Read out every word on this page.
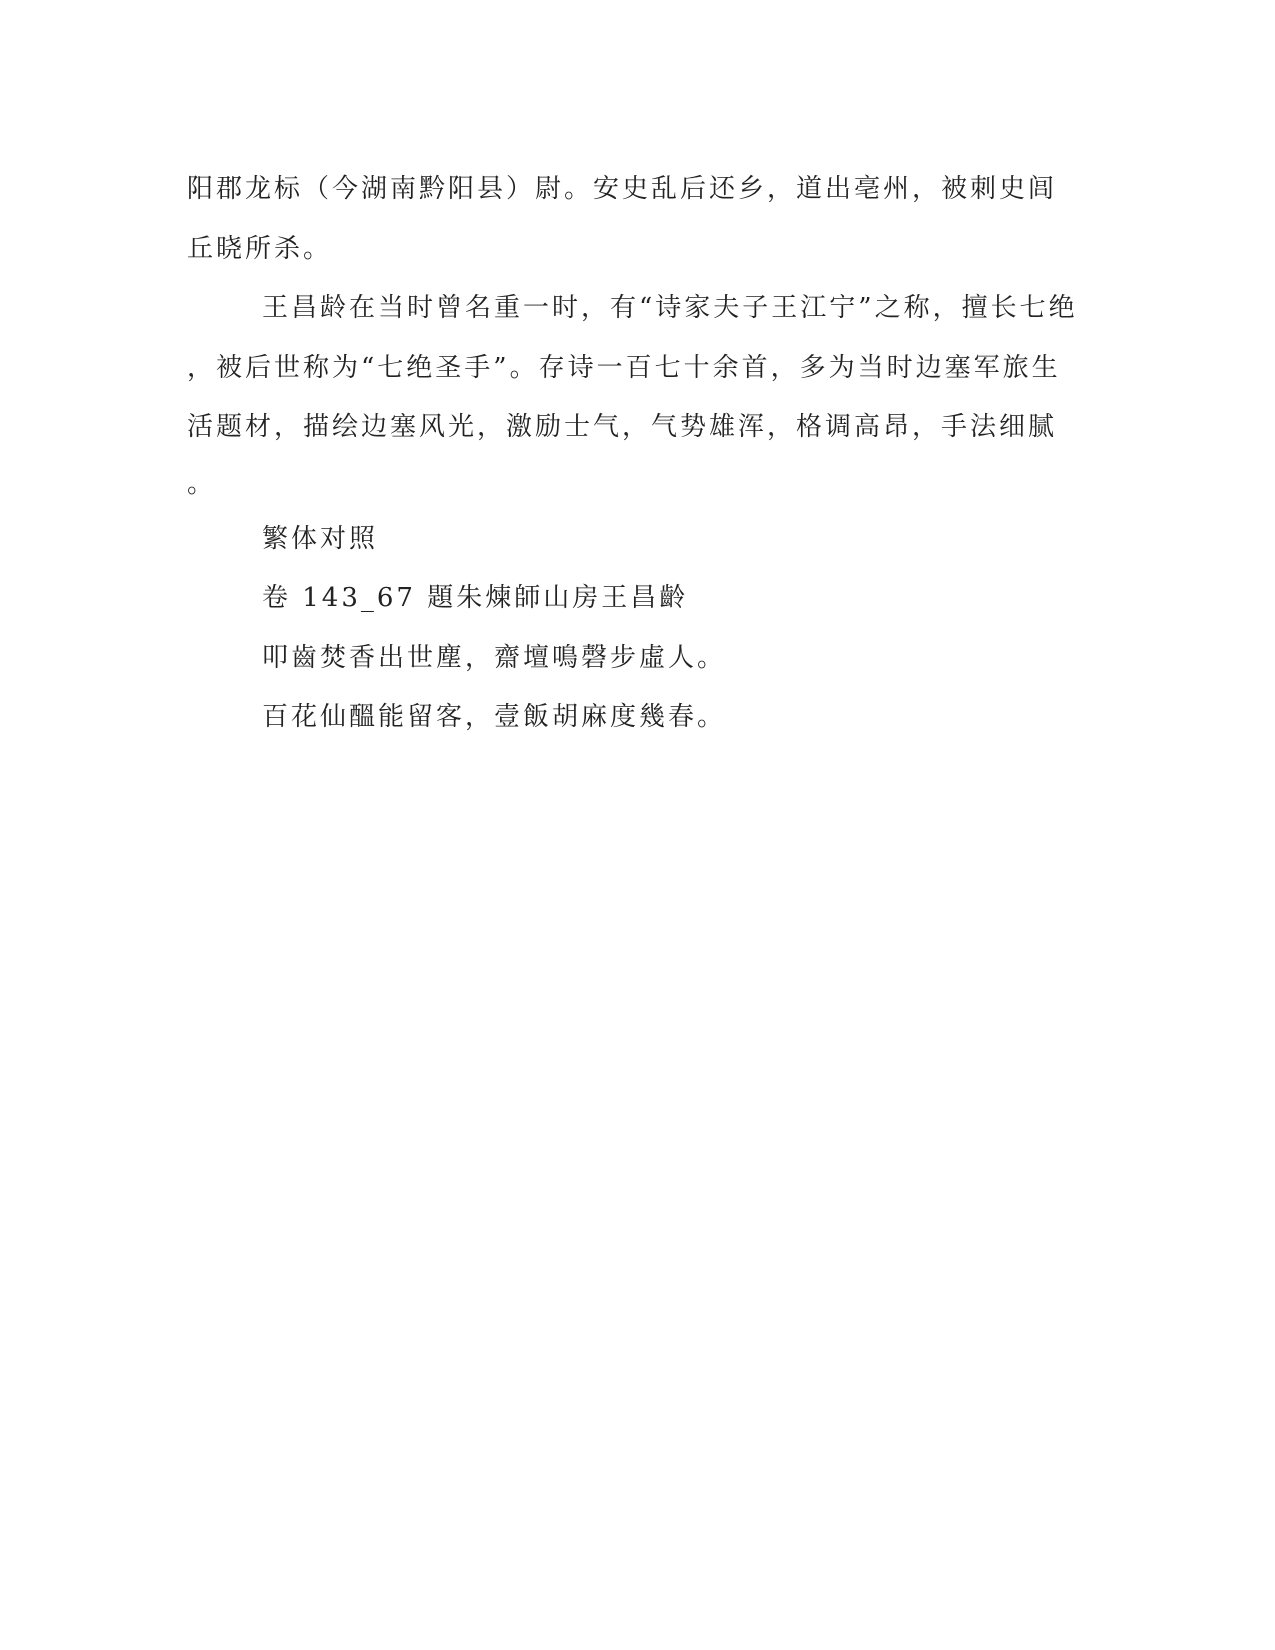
阳郡龙标（今湖南黔阳县）尉。安史乱后还乡，道出亳州，被刺史闾
丘晓所杀。
王昌龄在当时曾名重一时，有“诗家夫子王江宁”之称，擅长七绝
，被后世称为“七绝圣手”。存诗一百七十余首，多为当时边塞军旅生
活题材，描绘边塞风光，激励士气，气势雄浑，格调高昂，手法细腻
。
繁体对照
卷 143_67 題朱煉師山房王昌齡
叩齒焚香出世塵，齋壇鳴磬步虛人。
百花仙醞能留客，壹飯胡麻度幾春。
